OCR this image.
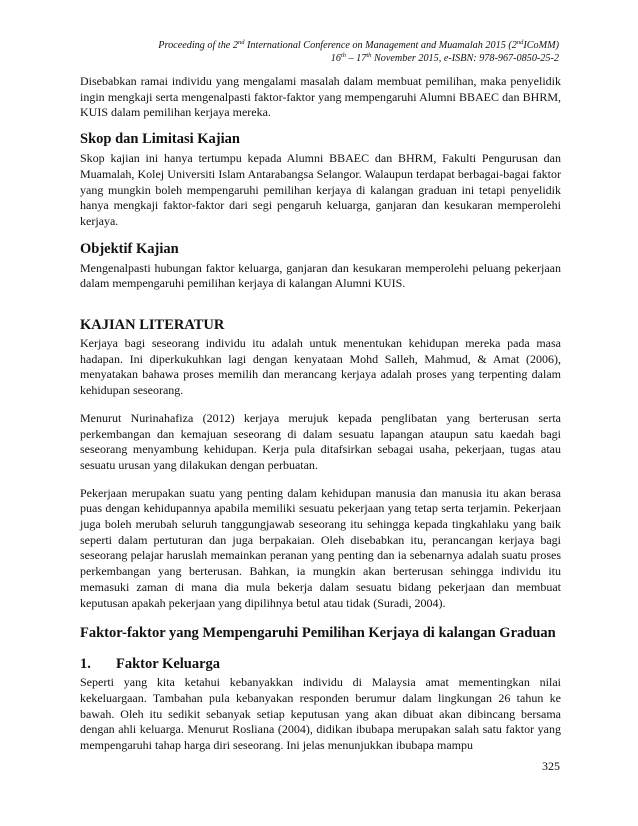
Proceeding of the 2nd International Conference on Management and Muamalah 2015 (2ndICoMM)
16th – 17th November 2015, e-ISBN: 978-967-0850-25-2

Disebabkan ramai individu yang mengalami masalah dalam membuat pemilihan, maka penyelidik ingin mengkaji serta mengenalpasti faktor-faktor yang mempengaruhi Alumni BBAEC dan BHRM, KUIS dalam pemilihan kerjaya mereka.

Skop dan Limitasi Kajian

Skop kajian ini hanya tertumpu kepada Alumni BBAEC dan BHRM, Fakulti Pengurusan dan Muamalah, Kolej Universiti Islam Antarabangsa Selangor. Walaupun terdapat berbagai-bagai faktor yang mungkin boleh mempengaruhi pemilihan kerjaya di kalangan graduan ini tetapi penyelidik hanya mengkaji faktor-faktor dari segi pengaruh keluarga, ganjaran dan kesukaran memperolehi kerjaya.

Objektif Kajian

Mengenalpasti hubungan faktor keluarga, ganjaran dan kesukaran memperolehi peluang pekerjaan dalam mempengaruhi pemilihan kerjaya di kalangan Alumni KUIS.

KAJIAN LITERATUR

Kerjaya bagi seseorang individu itu adalah untuk menentukan kehidupan mereka pada masa hadapan. Ini diperkukuhkan lagi dengan kenyataan Mohd Salleh, Mahmud, & Amat (2006), menyatakan bahawa proses memilih dan merancang kerjaya adalah proses yang terpenting dalam kehidupan seseorang.

Menurut Nurinahafiza (2012) kerjaya merujuk kepada penglibatan yang berterusan serta perkembangan dan kemajuan seseorang di dalam sesuatu lapangan ataupun satu kaedah bagi seseorang menyambung kehidupan. Kerja pula ditafsirkan sebagai usaha, pekerjaan, tugas atau sesuatu urusan yang dilakukan dengan perbuatan.

Pekerjaan merupakan suatu yang penting dalam kehidupan manusia dan manusia itu akan berasa puas dengan kehidupannya apabila memiliki sesuatu pekerjaan yang tetap serta terjamin. Pekerjaan juga boleh merubah seluruh tanggungjawab seseorang itu sehingga kepada tingkahlaku yang baik seperti dalam pertuturan dan juga berpakaian. Oleh disebabkan itu, perancangan kerjaya bagi seseorang pelajar haruslah memainkan peranan yang penting dan ia sebenarnya adalah suatu proses perkembangan yang berterusan. Bahkan, ia mungkin akan berterusan sehingga individu itu memasuki zaman di mana dia mula bekerja dalam sesuatu bidang pekerjaan dan membuat keputusan apakah pekerjaan yang dipilihnya betul atau tidak (Suradi, 2004).

Faktor-faktor yang Mempengaruhi Pemilihan Kerjaya di kalangan Graduan
1.	Faktor Keluarga

Seperti yang kita ketahui kebanyakkan individu di Malaysia amat mementingkan nilai kekeluargaan. Tambahan pula kebanyakan responden berumur dalam lingkungan 26 tahun ke bawah. Oleh itu sedikit sebanyak setiap keputusan yang akan dibuat akan dibincang bersama dengan ahli keluarga. Menurut Rosliana (2004), didikan ibubapa merupakan salah satu faktor yang mempengaruhi tahap harga diri seseorang. Ini jelas menunjukkan ibubapa mampu

325
